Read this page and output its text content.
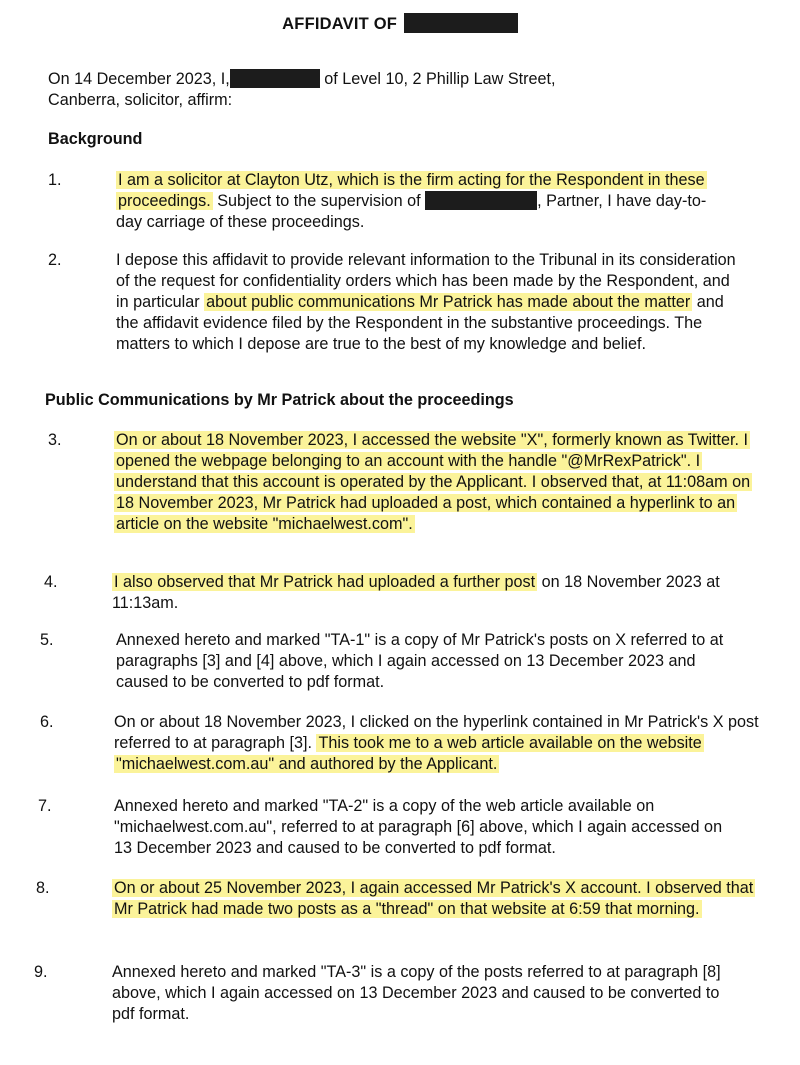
AFFIDAVIT OF
On 14 December 2023, I,	of Level 10, 2 Phillip Law Street,
Canberra, solicitor, affirm:
Background
1.	I am a solicitor at Clayton Utz, which is the firm acting for the Respondent in these proceedings. Subject to the supervision of	, Partner, I have day-to-day carriage of these proceedings.
2.	I depose this affidavit to provide relevant information to the Tribunal in its consideration of the request for confidentiality orders which has been made by the Respondent, and in particular about public communications Mr Patrick has made about the matter and the affidavit evidence filed by the Respondent in the substantive proceedings. The matters to which I depose are true to the best of my knowledge and belief.
Public Communications by Mr Patrick about the proceedings
3.	On or about 18 November 2023, I accessed the website "X", formerly known as Twitter. I opened the webpage belonging to an account with the handle "@MrRexPatrick". I understand that this account is operated by the Applicant. I observed that, at 11:08am on 18 November 2023, Mr Patrick had uploaded a post, which contained a hyperlink to an article on the website "michaelwest.com".
4.	I also observed that Mr Patrick had uploaded a further post on 18 November 2023 at 11:13am.
5.	Annexed hereto and marked "TA-1" is a copy of Mr Patrick's posts on X referred to at paragraphs [3] and [4] above, which I again accessed on 13 December 2023 and caused to be converted to pdf format.
6.	On or about 18 November 2023, I clicked on the hyperlink contained in Mr Patrick's X post referred to at paragraph [3]. This took me to a web article available on the website "michaelwest.com.au" and authored by the Applicant.
7.	Annexed hereto and marked "TA-2" is a copy of the web article available on "michaelwest.com.au", referred to at paragraph [6] above, which I again accessed on 13 December 2023 and caused to be converted to pdf format.
8.	On or about 25 November 2023, I again accessed Mr Patrick's X account. I observed that Mr Patrick had made two posts as a "thread" on that website at 6:59 that morning.
9.	Annexed hereto and marked "TA-3" is a copy of the posts referred to at paragraph [8] above, which I again accessed on 13 December 2023 and caused to be converted to pdf format.
